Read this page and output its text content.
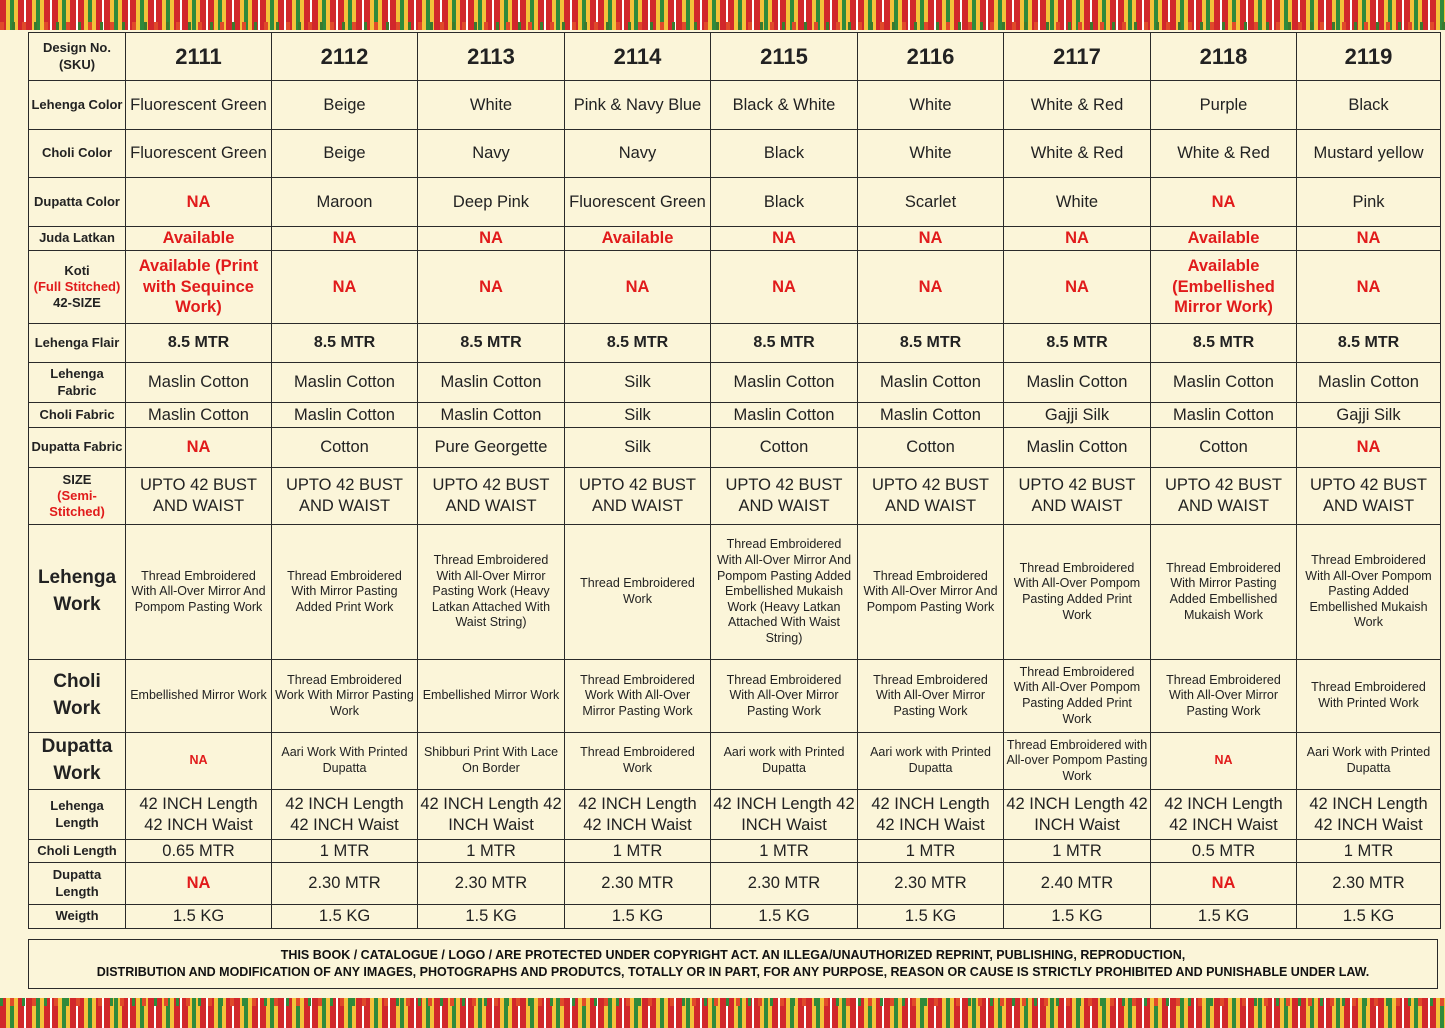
Design No. (SKU)	2111	2112	2113	2114	2115	2116	2117	2118	2119

Lehenga Color	Fluorescent Green	Beige	White	Pink & Navy Blue	Black & White	White	White & Red	Purple	Black

Choli Color	Fluorescent Green	Beige	Navy	Navy	Black	White	White & Red	White & Red	Mustard yellow

Dupatta Color	NA	Maroon	Deep Pink	Fluorescent Green	Black	Scarlet	White	NA	Pink

Juda Latkan	Available	NA	NA	Available	NA	NA	NA	Available	NA

Koti
(Full Stitched)
42-SIZE	Available (Print with Sequince Work)	NA	NA	NA	NA	NA	NA	Available (Embellished Mirror Work)	NA

Lehenga Flair	8.5 MTR	8.5 MTR	8.5 MTR	8.5 MTR	8.5 MTR	8.5 MTR	8.5 MTR	8.5 MTR	8.5 MTR

Lehenga Fabric	Maslin Cotton	Maslin Cotton	Maslin Cotton	Silk	Maslin Cotton	Maslin Cotton	Maslin Cotton	Maslin Cotton	Maslin Cotton

Choli Fabric	Maslin Cotton	Maslin Cotton	Maslin Cotton	Silk	Maslin Cotton	Maslin Cotton	Gajji Silk	Maslin Cotton	Gajji Silk

Dupatta Fabric	NA	Cotton	Pure Georgette	Silk	Cotton	Cotton	Maslin Cotton	Cotton	NA

SIZE
(Semi-Stitched)	UPTO 42 BUST AND WAIST	UPTO 42 BUST AND WAIST	UPTO 42 BUST AND WAIST	UPTO 42 BUST AND WAIST	UPTO 42 BUST AND WAIST	UPTO 42 BUST AND WAIST	UPTO 42 BUST AND WAIST	UPTO 42 BUST AND WAIST	UPTO 42 BUST AND WAIST

Lehenga Work	Thread Embroidered With All-Over Mirror And Pompom Pasting Work	Thread Embroidered With Mirror Pasting Added Print Work	Thread Embroidered With All-Over Mirror Pasting Work (Heavy Latkan Attached With Waist String)	Thread Embroidered Work	Thread Embroidered With All-Over Mirror And Pompom Pasting Added Embellished Mukaish Work (Heavy Latkan Attached With Waist String)	Thread Embroidered With All-Over Mirror And Pompom Pasting Work	Thread Embroidered With All-Over Pompom Pasting Added Print Work	Thread Embroidered With Mirror Pasting Added Embellished Mukaish Work	Thread Embroidered With All-Over Pompom Pasting Added Embellished Mukaish Work

Choli Work	Embellished Mirror Work	Thread Embroidered Work With Mirror Pasting Work	Embellished Mirror Work	Thread Embroidered Work With All-Over Mirror Pasting Work	Thread Embroidered With All-Over Mirror Pasting Work	Thread Embroidered With All-Over Mirror Pasting Work	Thread Embroidered With All-Over Pompom Pasting Added Print Work	Thread Embroidered With All-Over Mirror Pasting Work	Thread Embroidered With Printed Work

Dupatta Work	NA	Aari Work With Printed Dupatta	Shibburi Print With Lace On Border	Thread Embroidered Work	Aari work with Printed Dupatta	Aari work with Printed Dupatta	Thread Embroidered with All-over Pompom Pasting Work	NA	Aari Work with Printed Dupatta

Lehenga Length	42 INCH Length 42 INCH Waist	42 INCH Length 42 INCH Waist	42 INCH Length 42 INCH Waist	42 INCH Length 42 INCH Waist	42 INCH Length 42 INCH Waist	42 INCH Length 42 INCH Waist	42 INCH Length 42 INCH Waist	42 INCH Length 42 INCH Waist	42 INCH Length 42 INCH Waist

Choli Length	0.65 MTR	1 MTR	1 MTR	1 MTR	1 MTR	1 MTR	1 MTR	0.5 MTR	1 MTR

Dupatta Length	NA	2.30 MTR	2.30 MTR	2.30 MTR	2.30 MTR	2.30 MTR	2.40 MTR	NA	2.30 MTR

Weigth	1.5 KG	1.5 KG	1.5 KG	1.5 KG	1.5 KG	1.5 KG	1.5 KG	1.5 KG	1.5 KG
THIS BOOK / CATALOGUE / LOGO / ARE PROTECTED UNDER COPYRIGHT ACT. AN ILLEGA/UNAUTHORIZED REPRINT, PUBLISHING, REPRODUCTION,
DISTRIBUTION AND MODIFICATION OF ANY IMAGES, PHOTOGRAPHS AND PRODUTCS, TOTALLY OR IN PART, FOR ANY PURPOSE, REASON OR CAUSE IS STRICTLY PROHIBITED AND PUNISHABLE UNDER LAW.
